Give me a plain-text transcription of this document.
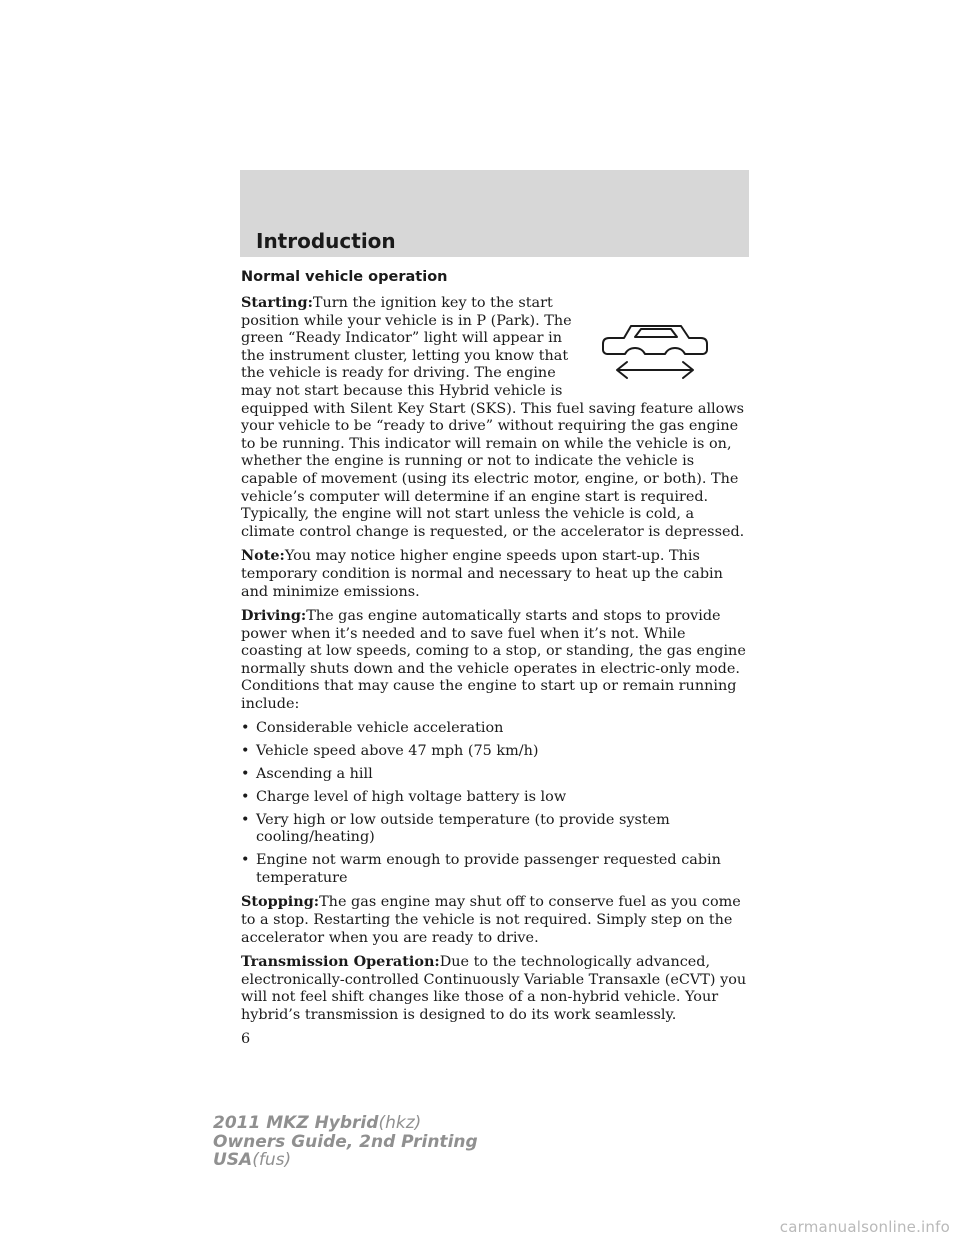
Introduction
Normal vehicle operation

Starting:Turn the ignition key to the start position while your vehicle is in P (Park). The green “Ready Indicator” light will appear in the instrument cluster, letting you know that the vehicle is ready for driving. The engine may not start because this Hybrid vehicle is equipped with Silent Key Start (SKS). This fuel saving feature allows your vehicle to be “ready to drive” without requiring the gas engine to be running. This indicator will remain on while the vehicle is on, whether the engine is running or not to indicate the vehicle is capable of movement (using its electric motor, engine, or both). The vehicle’s computer will determine if an engine start is required. Typically, the engine will not start unless the vehicle is cold, a climate control change is requested, or the accelerator is depressed.

Note:You may notice higher engine speeds upon start-up. This temporary condition is normal and necessary to heat up the cabin and minimize emissions.

Driving:The gas engine automatically starts and stops to provide power when it’s needed and to save fuel when it’s not. While coasting at low speeds, coming to a stop, or standing, the gas engine normally shuts down and the vehicle operates in electric-only mode. Conditions that may cause the engine to start up or remain running include:

• Considerable vehicle acceleration
• Vehicle speed above 47 mph (75 km/h)
• Ascending a hill
• Charge level of high voltage battery is low
• Very high or low outside temperature (to provide system cooling/heating)
• Engine not warm enough to provide passenger requested cabin temperature

Stopping:The gas engine may shut off to conserve fuel as you come to a stop. Restarting the vehicle is not required. Simply step on the accelerator when you are ready to drive.

Transmission Operation:Due to the technologically advanced, electronically-controlled Continuously Variable Transaxle (eCVT) you will not feel shift changes like those of a non-hybrid vehicle. Your hybrid’s transmission is designed to do its work seamlessly.

6
2011 MKZ Hybrid(hkz)
Owners Guide, 2nd Printing
USA(fus)
carmanualsonline.info
